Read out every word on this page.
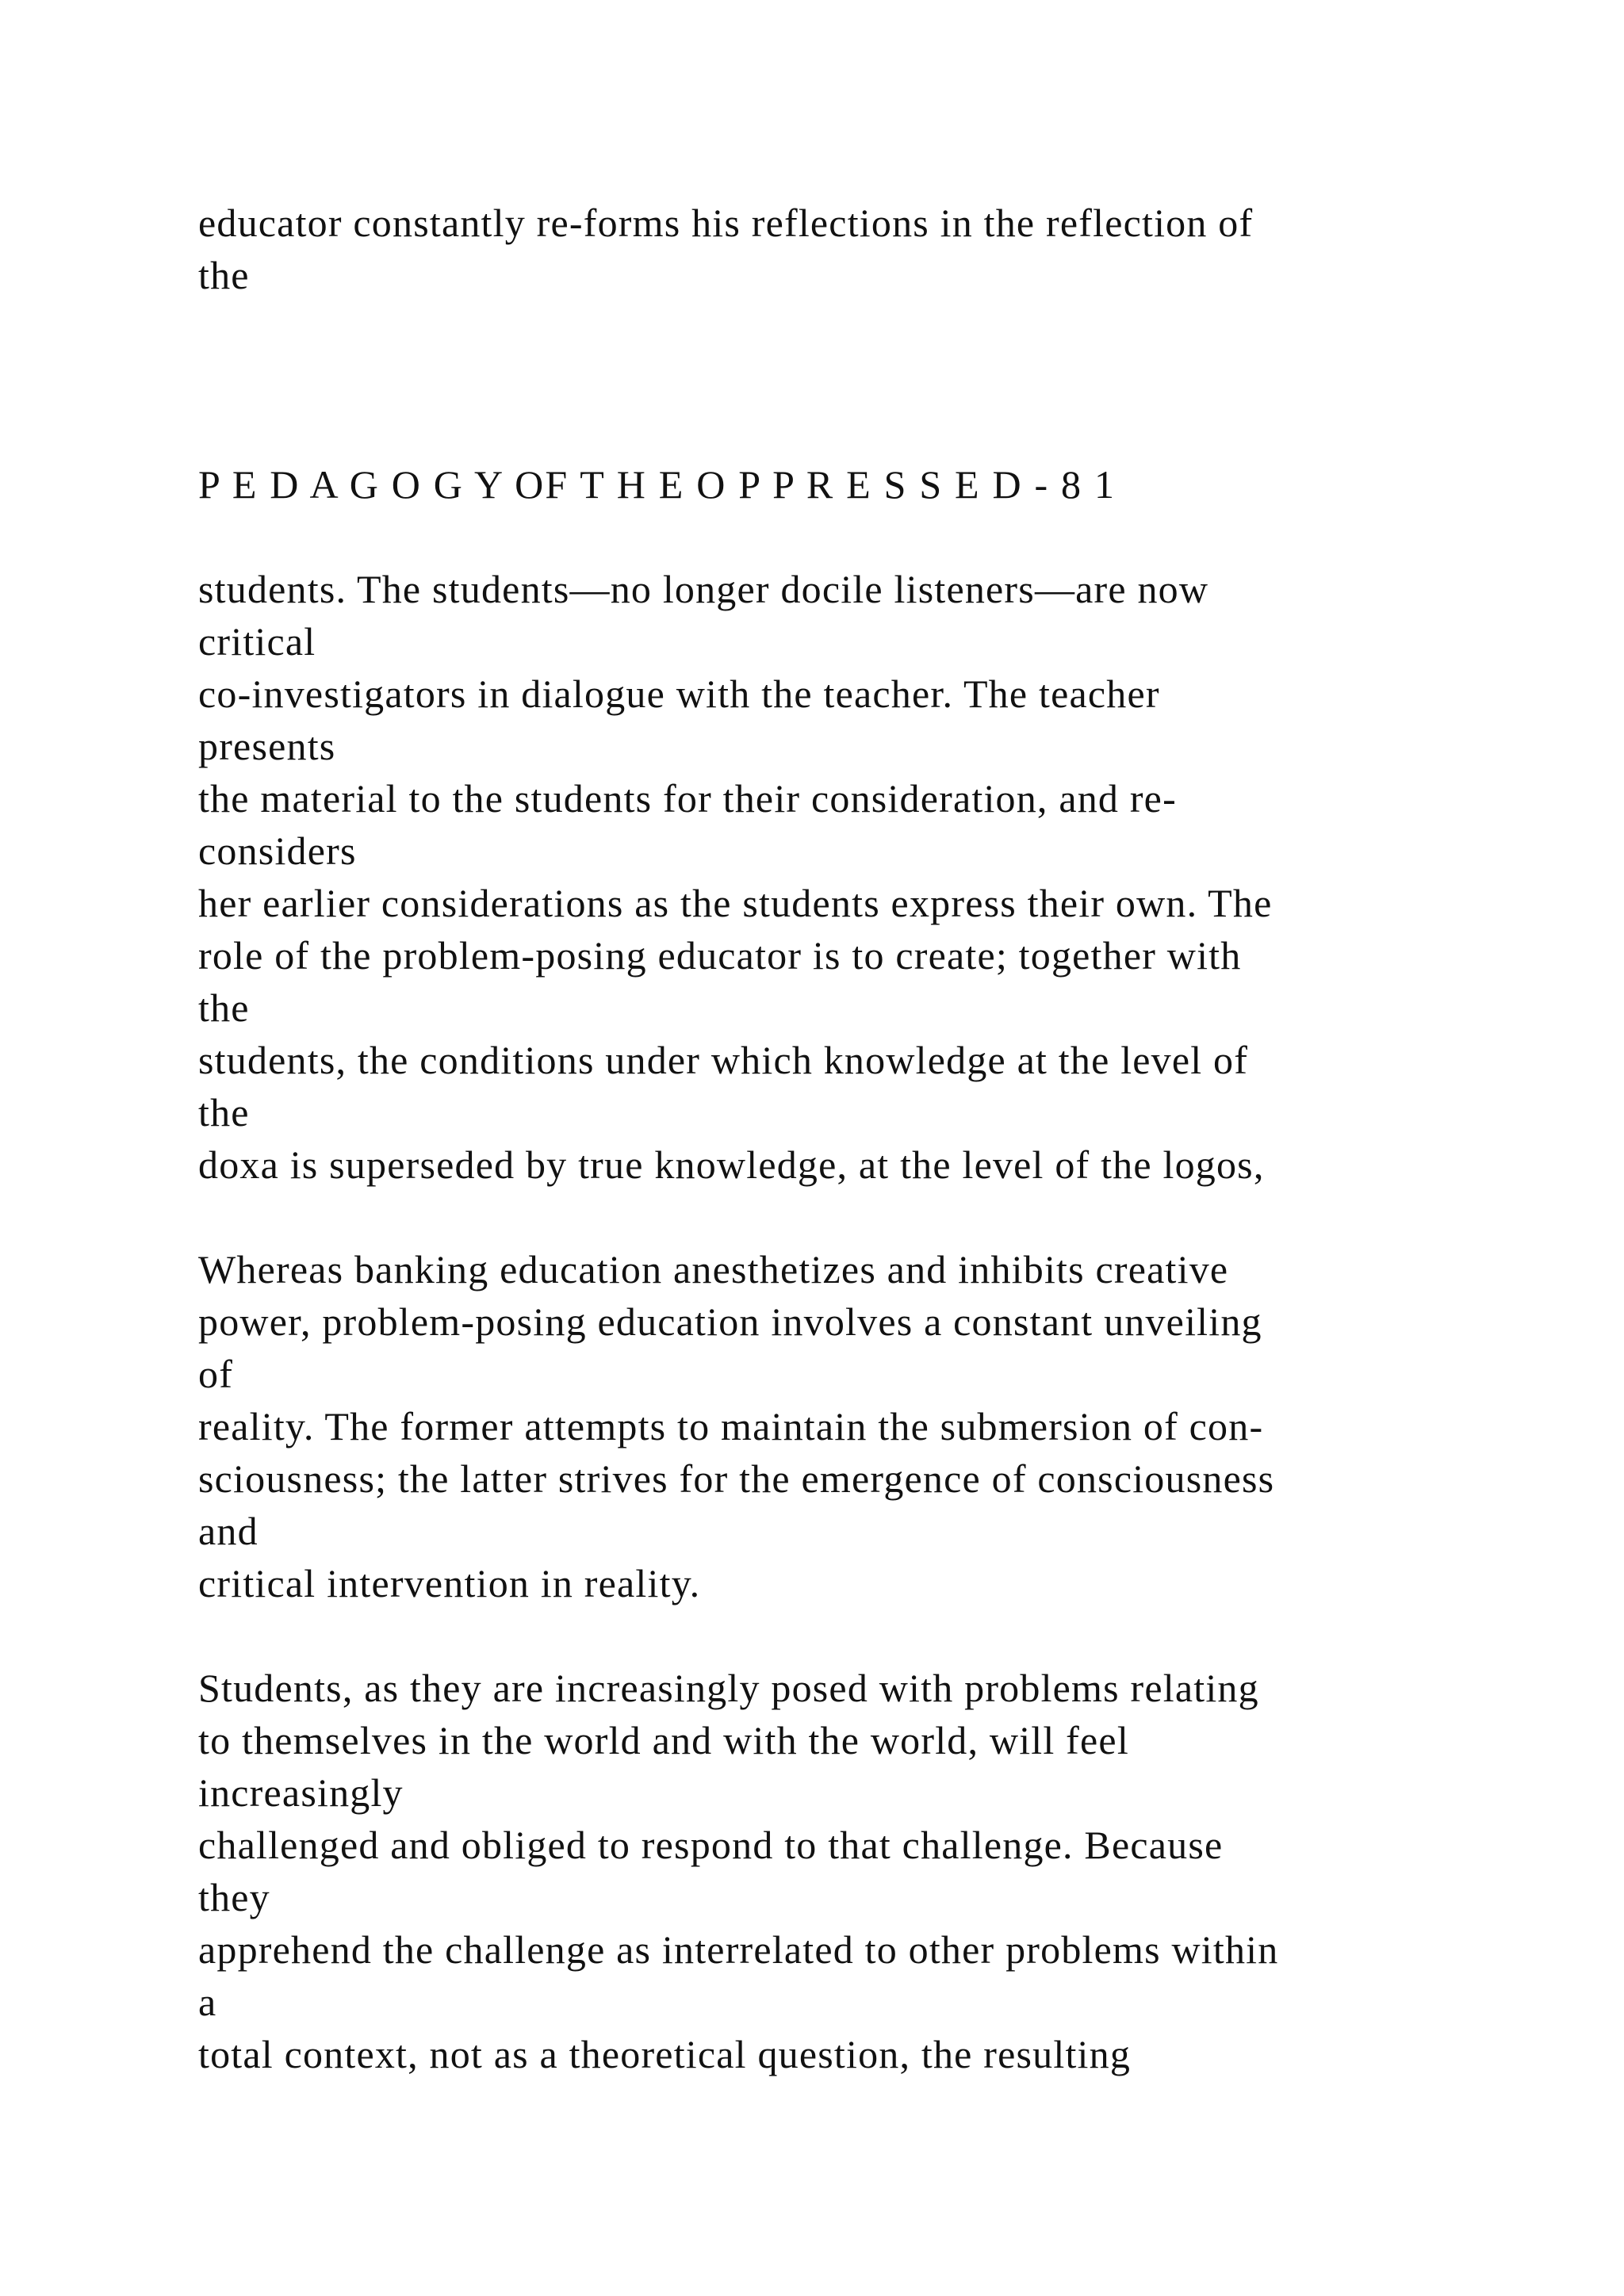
educator constantly re-forms his reflections in the reflection of
the
P E D A G O G Y OF T H E O P P R E S S E D - 8 1
students. The students—no longer docile listeners—are now
critical
co-investigators in dialogue with the teacher. The teacher
presents
the material to the students for their consideration, and re-
considers
her earlier considerations as the students express their own. The
role of the problem-posing educator is to create; together with
the
students, the conditions under which knowledge at the level of
the
doxa is superseded by true knowledge, at the level of the logos,
Whereas banking education anesthetizes and inhibits creative
power, problem-posing education involves a constant unveiling
of
reality. The former attempts to maintain the submersion of con-
sciousness; the latter strives for the emergence of consciousness
and
critical intervention in reality.
Students, as they are increasingly posed with problems relating
to themselves in the world and with the world, will feel
increasingly
challenged and obliged to respond to that challenge. Because
they
apprehend the challenge as interrelated to other problems within
a
total context, not as a theoretical question, the resulting
